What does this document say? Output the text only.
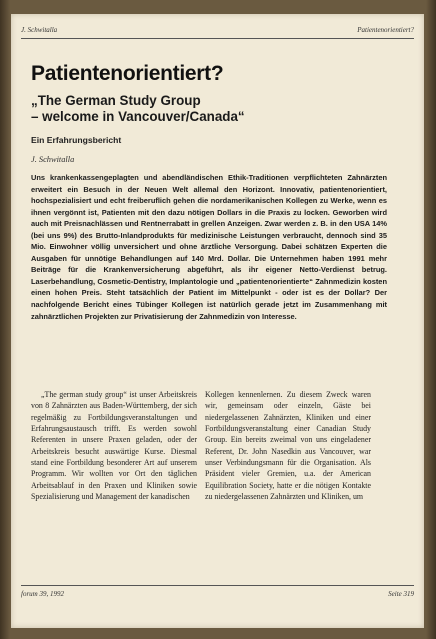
J. Schwitalla	Patientenorientiert?
Patientenorientiert?
„The German Study Group
– welcome in Vancouver/Canada“
Ein Erfahrungsbericht
J. Schwitalla
Uns krankenkassengeplagten und abendländischen Ethik-Traditionen verpflichteten Zahnärzten erweitert ein Besuch in der Neuen Welt allemal den Horizont. Innovativ, patientenorientiert, hochspezialisiert und echt freiberuflich gehen die nordamerikanischen Kollegen zu Werke, wenn es ihnen vergönnt ist, Patienten mit den dazu nötigen Dollars in die Praxis zu locken. Geworben wird auch mit Preisnachlässen und Rentnerrabatt in grellen Anzeigen. Zwar werden z. B. in den USA 14% (bei uns 9%) des Brutto-Inlandprodukts für medizinische Leistungen verbraucht, dennoch sind 35 Mio. Einwohner völlig unversichert und ohne ärztliche Versorgung. Dabei schätzen Experten die Ausgaben für unnötige Behandlungen auf 140 Mrd. Dollar. Die Unternehmen haben 1991 mehr Beiträge für die Krankenversicherung abgeführt, als ihr eigener Netto-Verdienst betrug. Laserbehandlung, Cosmetic-Dentistry, Implantologie und „patientenorientierte“ Zahnmedizin kosten einen hohen Preis. Steht tatsächlich der Patient im Mittelpunkt - oder ist es der Dollar? Der nachfolgende Bericht eines Tübinger Kollegen ist natürlich gerade jetzt im Zusammenhang mit zahnärztlichen Projekten zur Privatisierung der Zahnmedizin von Interesse.

„The german study group“ ist unser Arbeitskreis von 8 Zahnärzten aus Baden-Württemberg, der sich regelmäßig zu Fortbildungsveranstaltungen und Erfahrungsaustausch trifft. Es werden sowohl Referenten in unsere Praxen geladen, oder der Arbeitskreis besucht auswärtige Kurse. Diesmal stand eine Fortbildung besonderer Art auf unserem Programm. Wir wollten vor Ort den täglichen Arbeitsablauf in den Praxen und Kliniken sowie Spezialisierung und Management der kanadischen

Kollegen kennenlernen. Zu diesem Zweck waren wir, gemeinsam oder einzeln, Gäste bei niedergelassenen Zahnärzten, Kliniken und einer Fortbildungsveranstaltung einer Canadian Study Group. Ein bereits zweimal von uns eingeladener Referent, Dr. John Nasedkin aus Vancouver, war unser Verbindungsmann für die Organisation. Als Präsident vieler Gremien, u.a. der American Equilibration Society, hatte er die nötigen Kontakte zu niedergelassenen Zahnärzten und Kliniken, um

forum 39, 1992	Seite 319
